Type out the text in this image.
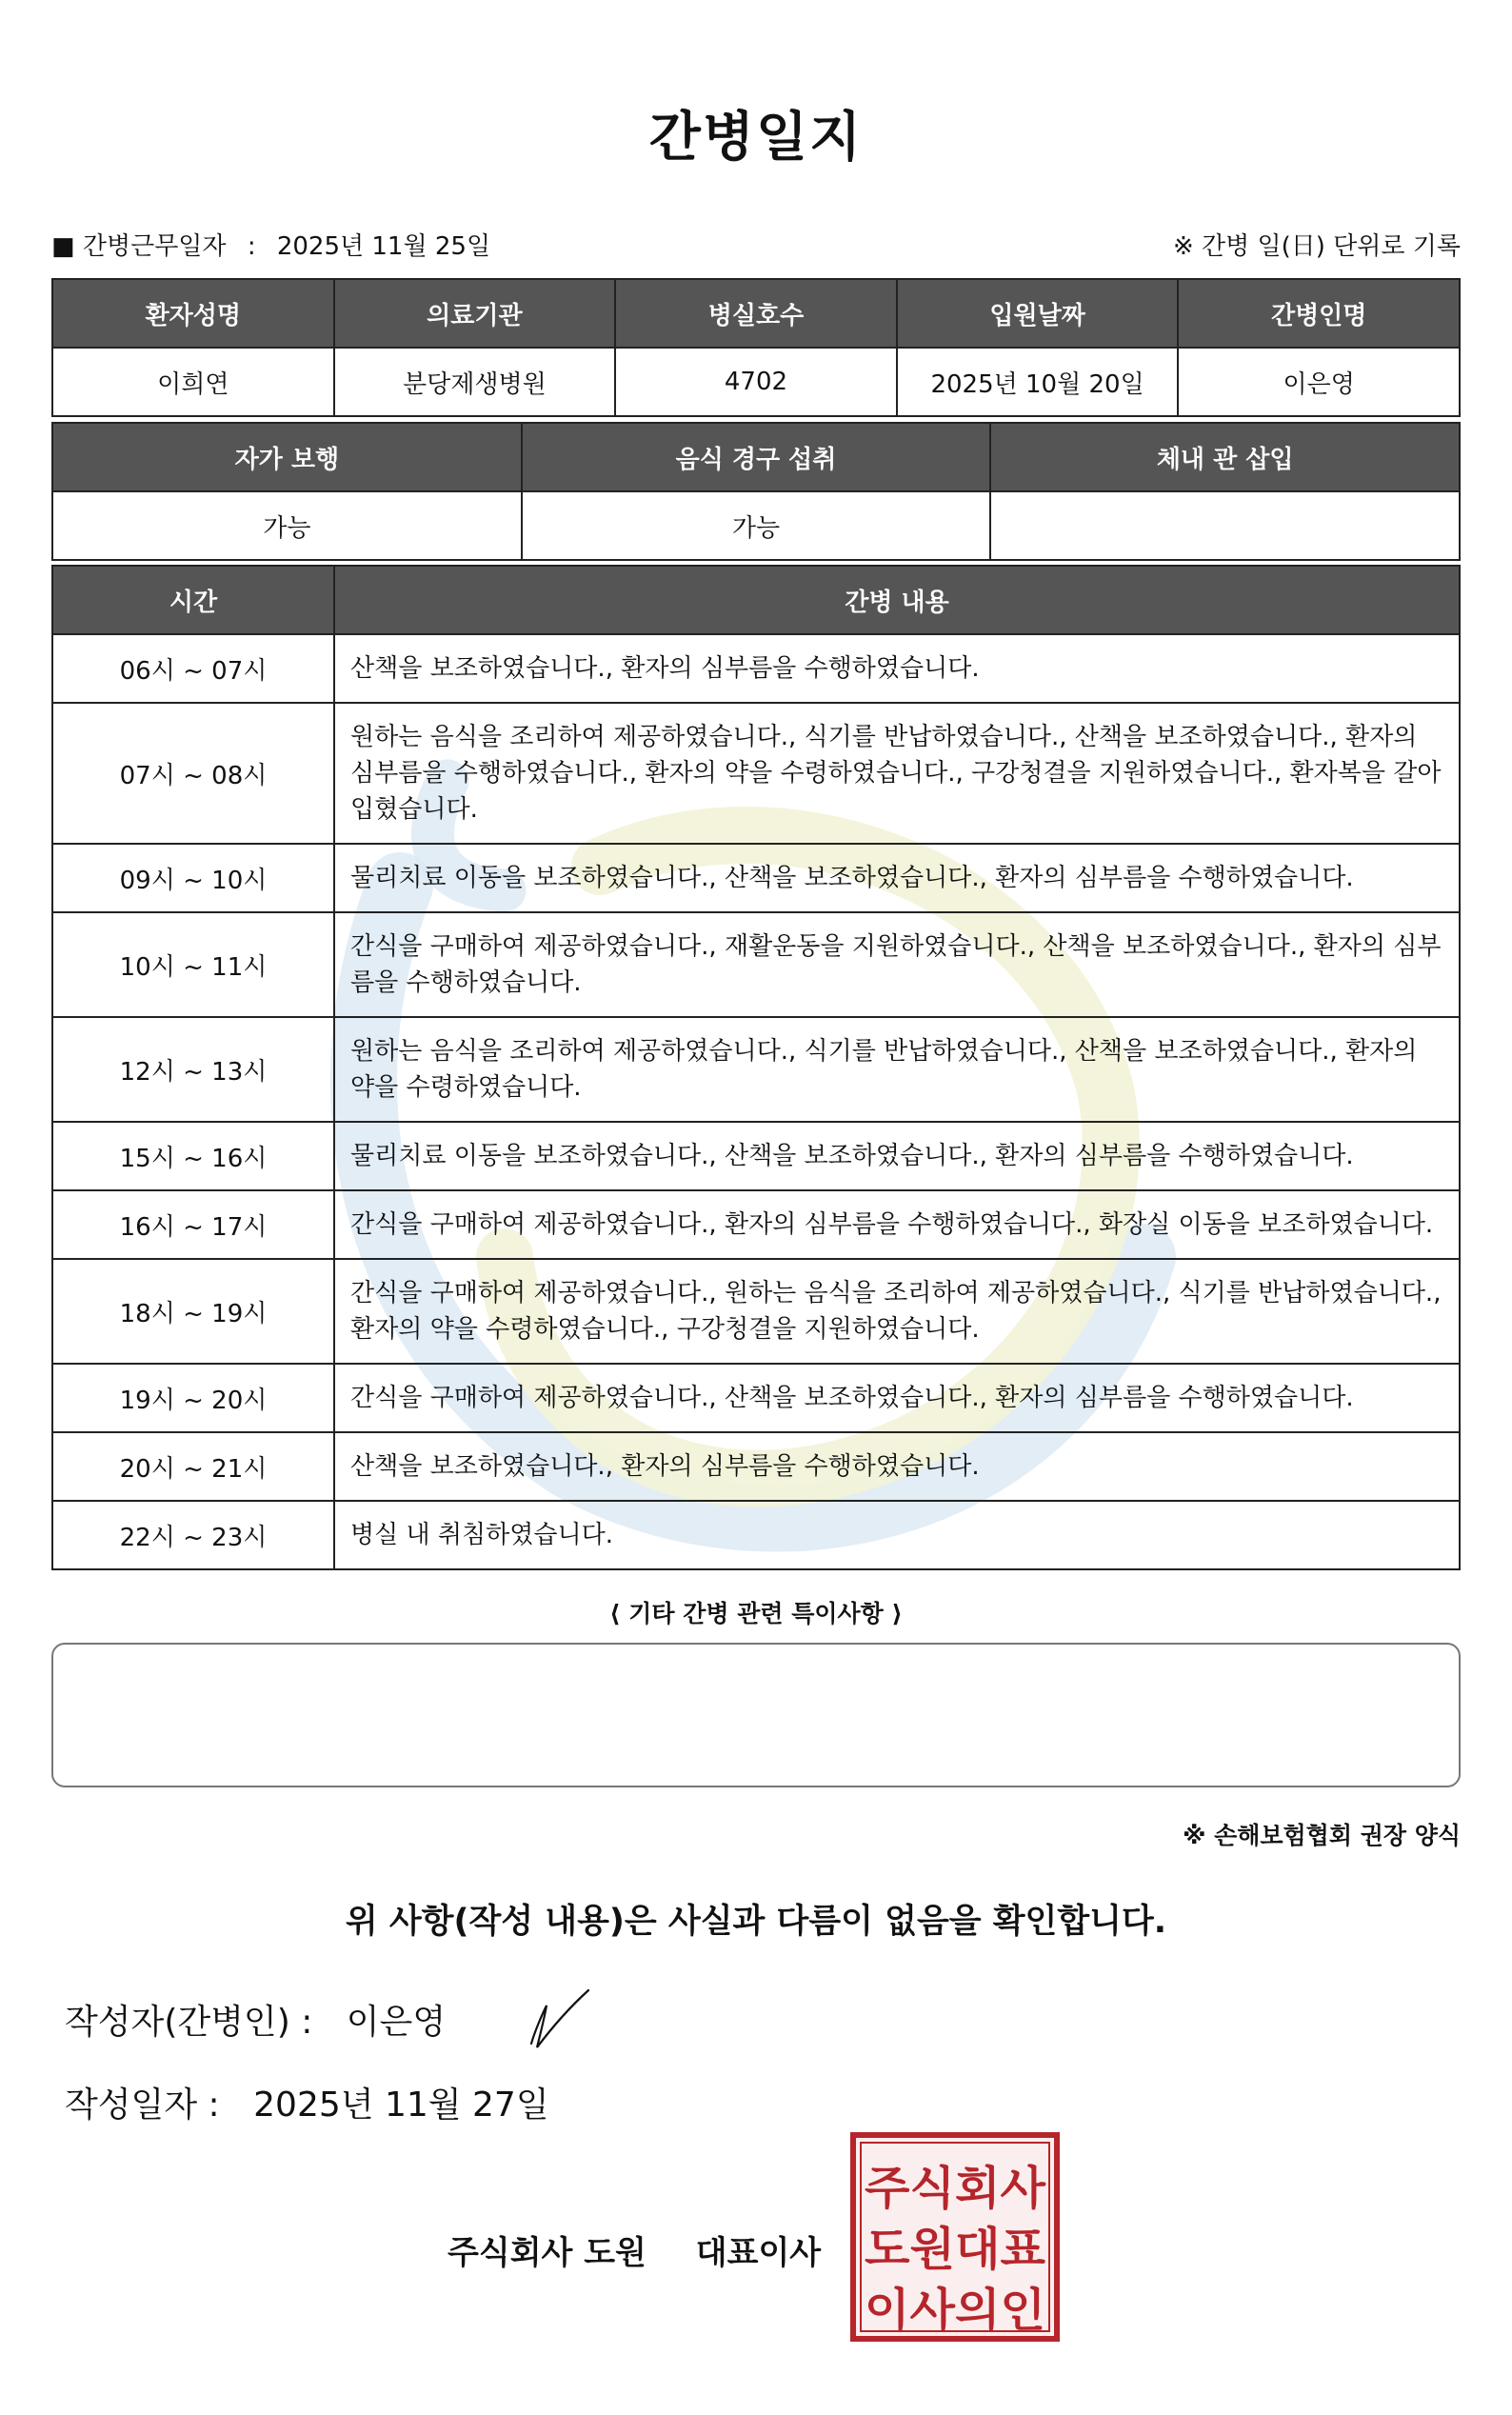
간병일지
■ 간병근무일자 : 2025년 11월 25일	※ 간병 일(日) 단위로 기록
환자성명	의료기관	병실호수	입원날짜	간병인명
이희연	분당제생병원	4702	2025년 10월 20일	이은영
자가 보행	음식 경구 섭취	체내 관 삽입
가능	가능	
시간	간병 내용
06시 ~ 07시	산책을 보조하였습니다., 환자의 심부름을 수행하였습니다.
07시 ~ 08시	원하는 음식을 조리하여 제공하였습니다., 식기를 반납하였습니다., 산책을 보조하였습니다., 환자의 심부름을 수행하였습니다., 환자의 약을 수령하였습니다., 구강청결을 지원하였습니다., 환자복을 갈아입혔습니다.
09시 ~ 10시	물리치료 이동을 보조하였습니다., 산책을 보조하였습니다., 환자의 심부름을 수행하였습니다.
10시 ~ 11시	간식을 구매하여 제공하였습니다., 재활운동을 지원하였습니다., 산책을 보조하였습니다., 환자의 심부름을 수행하였습니다.
12시 ~ 13시	원하는 음식을 조리하여 제공하였습니다., 식기를 반납하였습니다., 산책을 보조하였습니다., 환자의 약을 수령하였습니다.
15시 ~ 16시	물리치료 이동을 보조하였습니다., 산책을 보조하였습니다., 환자의 심부름을 수행하였습니다.
16시 ~ 17시	간식을 구매하여 제공하였습니다., 환자의 심부름을 수행하였습니다., 화장실 이동을 보조하였습니다.
18시 ~ 19시	간식을 구매하여 제공하였습니다., 원하는 음식을 조리하여 제공하였습니다., 식기를 반납하였습니다., 환자의 약을 수령하였습니다., 구강청결을 지원하였습니다.
19시 ~ 20시	간식을 구매하여 제공하였습니다., 산책을 보조하였습니다., 환자의 심부름을 수행하였습니다.
20시 ~ 21시	산책을 보조하였습니다., 환자의 심부름을 수행하였습니다.
22시 ~ 23시	병실 내 취침하였습니다.
⟨ 기타 간병 관련 특이사항 ⟩
※ 손해보험협회 권장 양식
위 사항(작성 내용)은 사실과 다름이 없음을 확인합니다.
작성자(간병인) : 이은영
작성일자 : 2025년 11월 27일
주식회사 도원 대표이사
주식회사
도원대표
이사의인
